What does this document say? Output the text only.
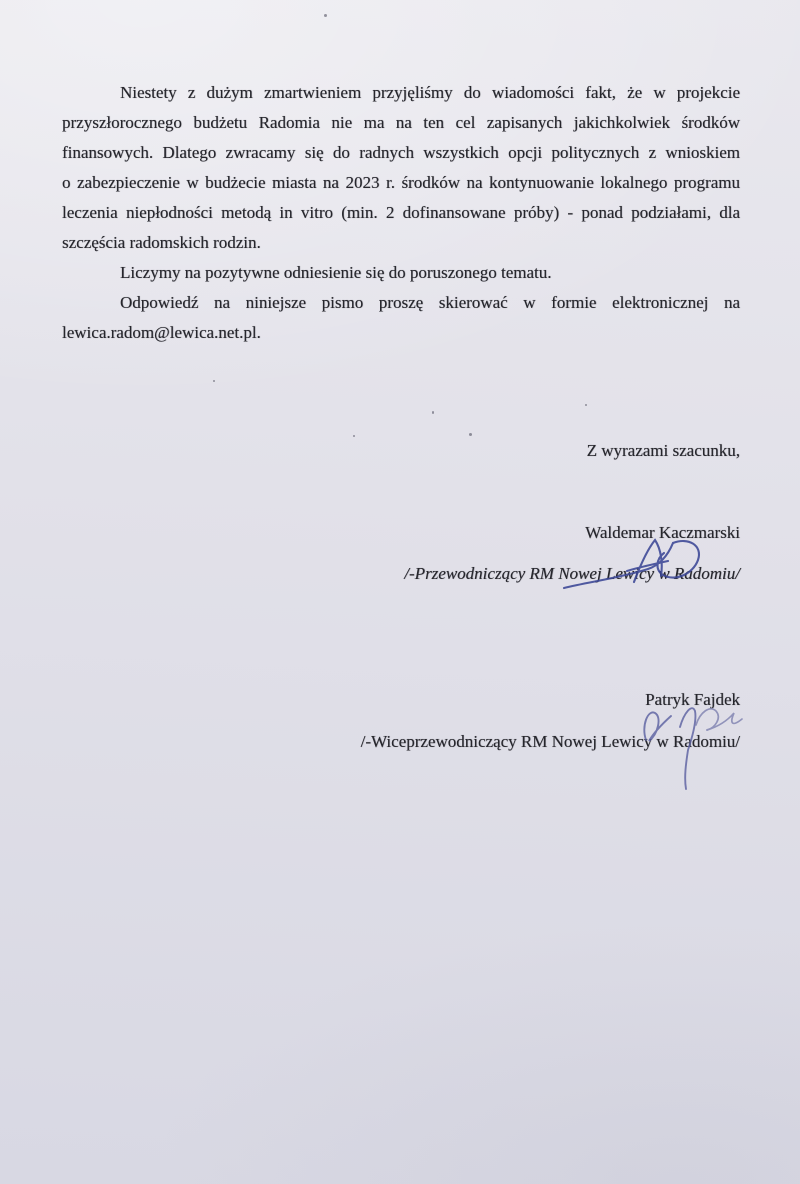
Niestety z dużym zmartwieniem przyjęliśmy do wiadomości fakt, że w projekcie
przyszłorocznego budżetu Radomia nie ma na ten cel zapisanych jakichkolwiek środków
finansowych. Dlatego zwracamy się do radnych wszystkich opcji politycznych z wnioskiem
o zabezpieczenie w budżecie miasta na 2023 r. środków na kontynuowanie lokalnego programu
leczenia niepłodności metodą in vitro (min. 2 dofinansowane próby) - ponad podziałami, dla
szczęścia radomskich rodzin.
Liczymy na pozytywne odniesienie się do poruszonego tematu.
Odpowiedź na niniejsze pismo proszę skierować w formie elektronicznej na
lewica.radom@lewica.net.pl.
Z wyrazami szacunku,
Waldemar Kaczmarski
/-Przewodniczący RM Nowej Lewicy w Radomiu/
Patryk Fajdek
/-Wiceprzewodniczący RM Nowej Lewicy w Radomiu/
